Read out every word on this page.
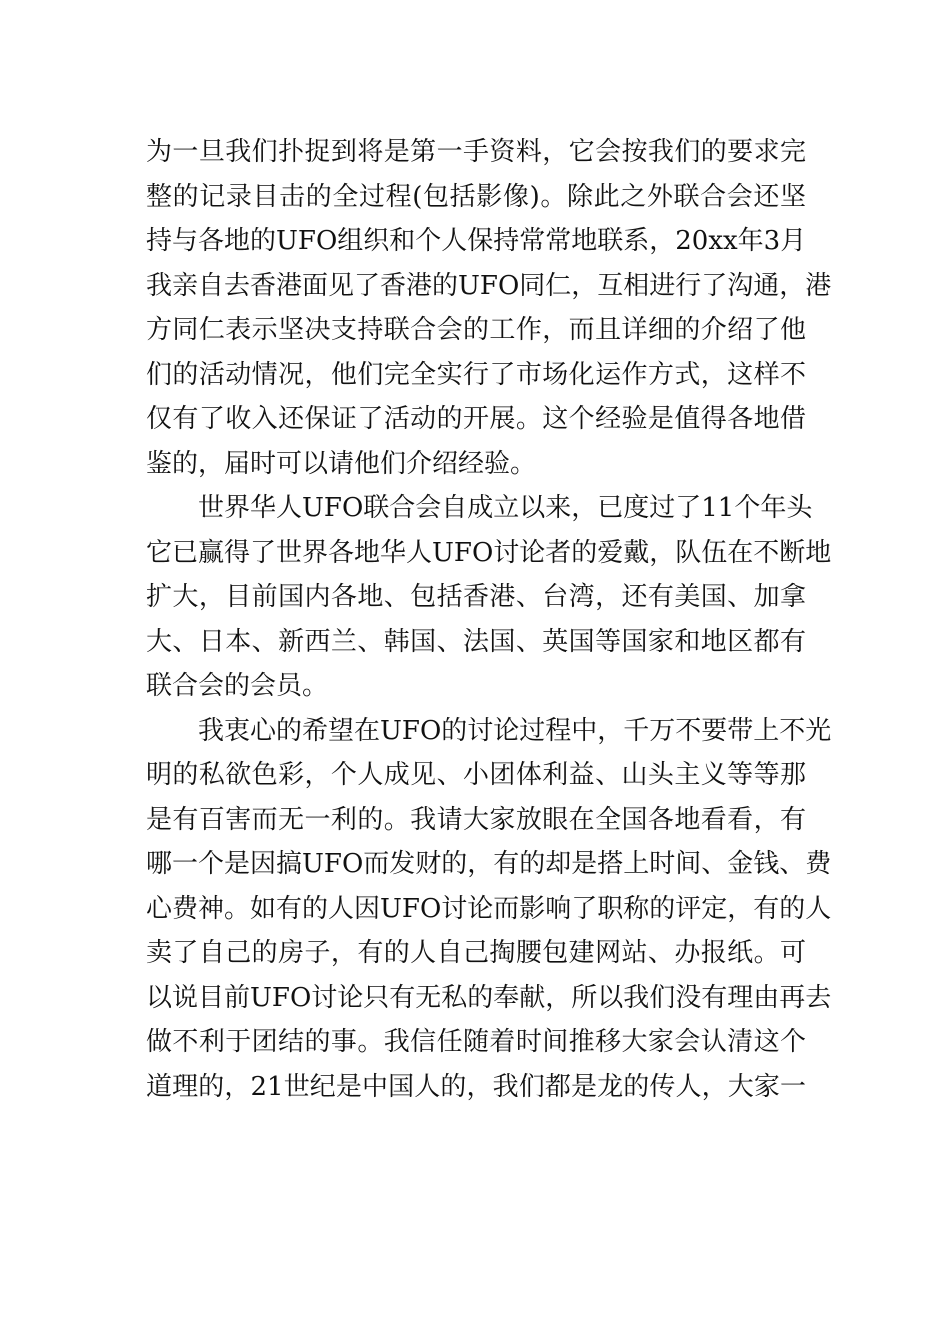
为一旦我们扑捉到将是第一手资料，它会按我们的要求完
整的记录目击的全过程(包括影像)。除此之外联合会还坚
持与各地的UFO组织和个人保持常常地联系，20xx年3月
我亲自去香港面见了香港的UFO同仁，互相进行了沟通，港
方同仁表示坚决支持联合会的工作，而且详细的介绍了他
们的活动情况，他们完全实行了市场化运作方式，这样不
仅有了收入还保证了活动的开展。这个经验是值得各地借
鉴的，届时可以请他们介绍经验。
世界华人UFO联合会自成立以来，已度过了11个年头
它已赢得了世界各地华人UFO讨论者的爱戴，队伍在不断地
扩大，目前国内各地、包括香港、台湾，还有美国、加拿
大、日本、新西兰、韩国、法国、英国等国家和地区都有
联合会的会员。
我衷心的希望在UFO的讨论过程中，千万不要带上不光
明的私欲色彩，个人成见、小团体利益、山头主义等等那
是有百害而无一利的。我请大家放眼在全国各地看看，有
哪一个是因搞UFO而发财的，有的却是搭上时间、金钱、费
心费神。如有的人因UFO讨论而影响了职称的评定，有的人
卖了自己的房子，有的人自己掏腰包建网站、办报纸。可
以说目前UFO讨论只有无私的奉献，所以我们没有理由再去
做不利于团结的事。我信任随着时间推移大家会认清这个
道理的，21世纪是中国人的，我们都是龙的传人，大家一
